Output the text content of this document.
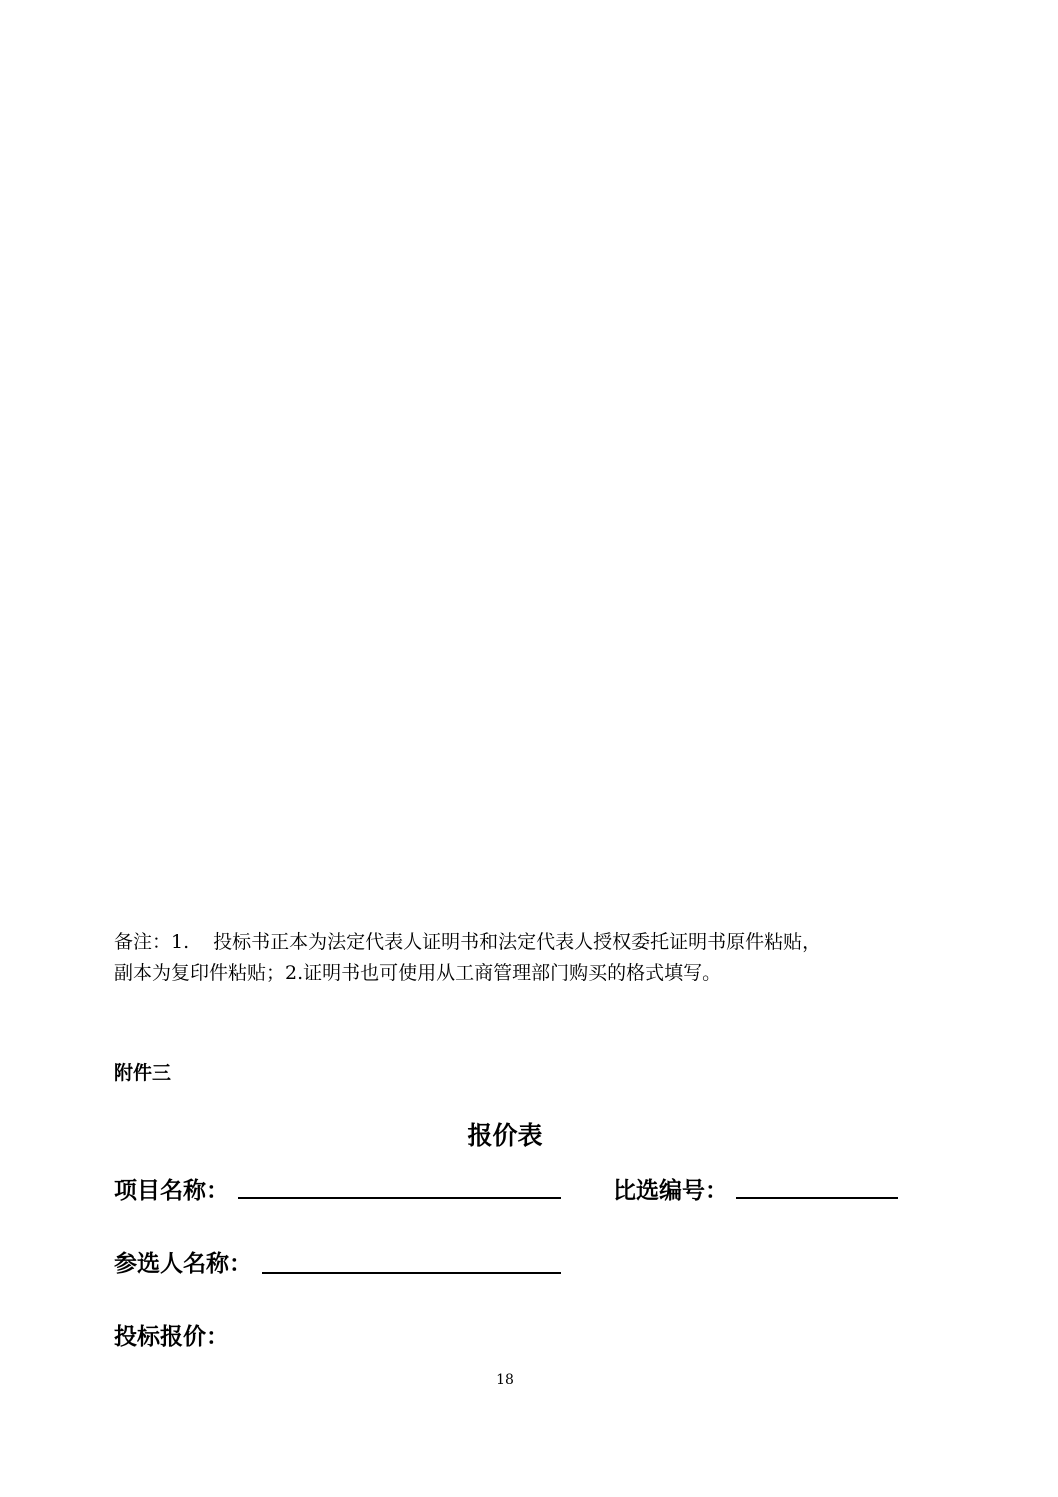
备注：1. 投标书正本为法定代表人证明书和法定代表人授权委托证明书原件粘贴，
副本为复印件粘贴；2.证明书也可使用从工商管理部门购买的格式填写。
附件三
报价表
项目名称：	比选编号：
参选人名称：
投标报价：
18
